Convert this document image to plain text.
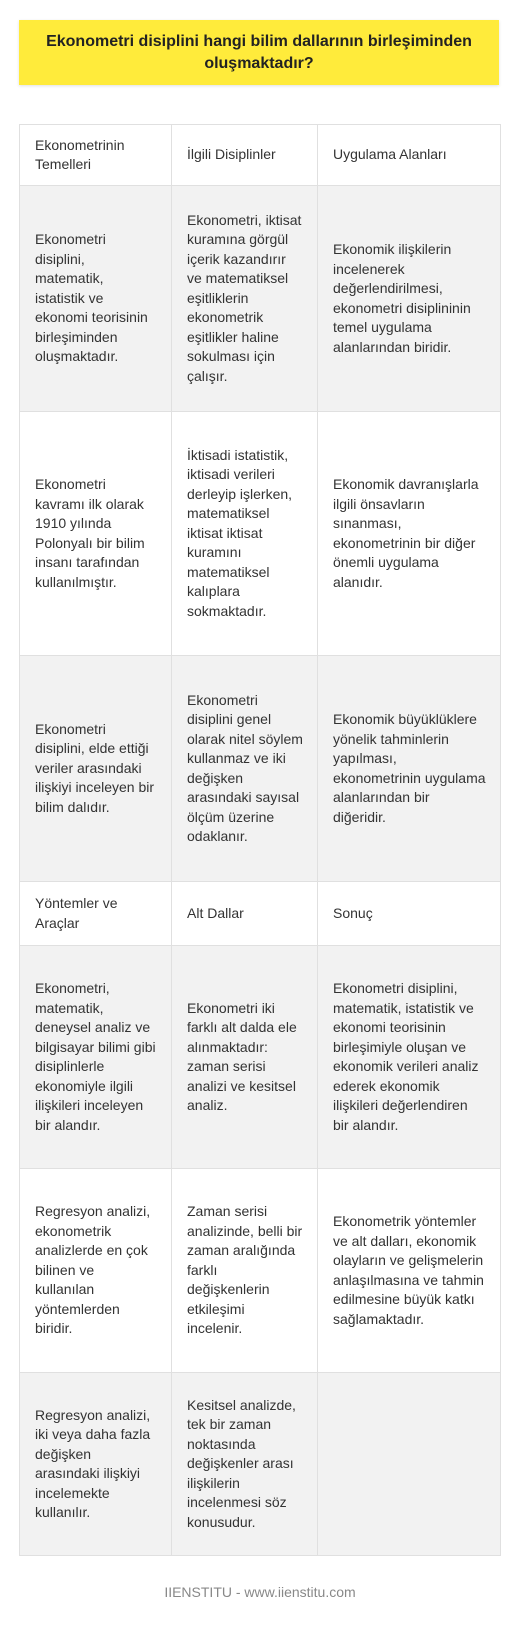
Ekonometri disiplini hangi bilim dallarının birleşiminden oluşmaktadır?
Ekonometrinin Temelleri	İlgili Disiplinler	Uygulama Alanları
Ekonometri disiplini, matematik, istatistik ve ekonomi teorisinin birleşiminden oluşmaktadır.	Ekonometri, iktisat kuramına görgül içerik kazandırır ve matematiksel eşitliklerin ekonometrik eşitlikler haline sokulması için çalışır.	Ekonomik ilişkilerin incelenerek değerlendirilmesi, ekonometri disiplininin temel uygulama alanlarından biridir.
Ekonometri kavramı ilk olarak 1910 yılında Polonyalı bir bilim insanı tarafından kullanılmıştır.	İktisadi istatistik, iktisadi verileri derleyip işlerken, matematiksel iktisat iktisat kuramını matematiksel kalıplara sokmaktadır.	Ekonomik davranışlarla ilgili önsavların sınanması, ekonometrinin bir diğer önemli uygulama alanıdır.
Ekonometri disiplini, elde ettiği veriler arasındaki ilişkiyi inceleyen bir bilim dalıdır.	Ekonometri disiplini genel olarak nitel söylem kullanmaz ve iki değişken arasındaki sayısal ölçüm üzerine odaklanır.	Ekonomik büyüklüklere yönelik tahminlerin yapılması, ekonometrinin uygulama alanlarından bir diğeridir.
Yöntemler ve Araçlar	Alt Dallar	Sonuç
Ekonometri, matematik, deneysel analiz ve bilgisayar bilimi gibi disiplinlerle ekonomiyle ilgili ilişkileri inceleyen bir alandır.	Ekonometri iki farklı alt dalda ele alınmaktadır: zaman serisi analizi ve kesitsel analiz.	Ekonometri disiplini, matematik, istatistik ve ekonomi teorisinin birleşimiyle oluşan ve ekonomik verileri analiz ederek ekonomik ilişkileri değerlendiren bir alandır.
Regresyon analizi, ekonometrik analizlerde en çok bilinen ve kullanılan yöntemlerden biridir.	Zaman serisi analizinde, belli bir zaman aralığında farklı değişkenlerin etkileşimi incelenir.	Ekonometrik yöntemler ve alt dalları, ekonomik olayların ve gelişmelerin anlaşılmasına ve tahmin edilmesine büyük katkı sağlamaktadır.
Regresyon analizi, iki veya daha fazla değişken arasındaki ilişkiyi incelemekte kullanılır.	Kesitsel analizde, tek bir zaman noktasında değişkenler arası ilişkilerin incelenmesi söz konusudur.	
IIENSTITU - www.iienstitu.com
